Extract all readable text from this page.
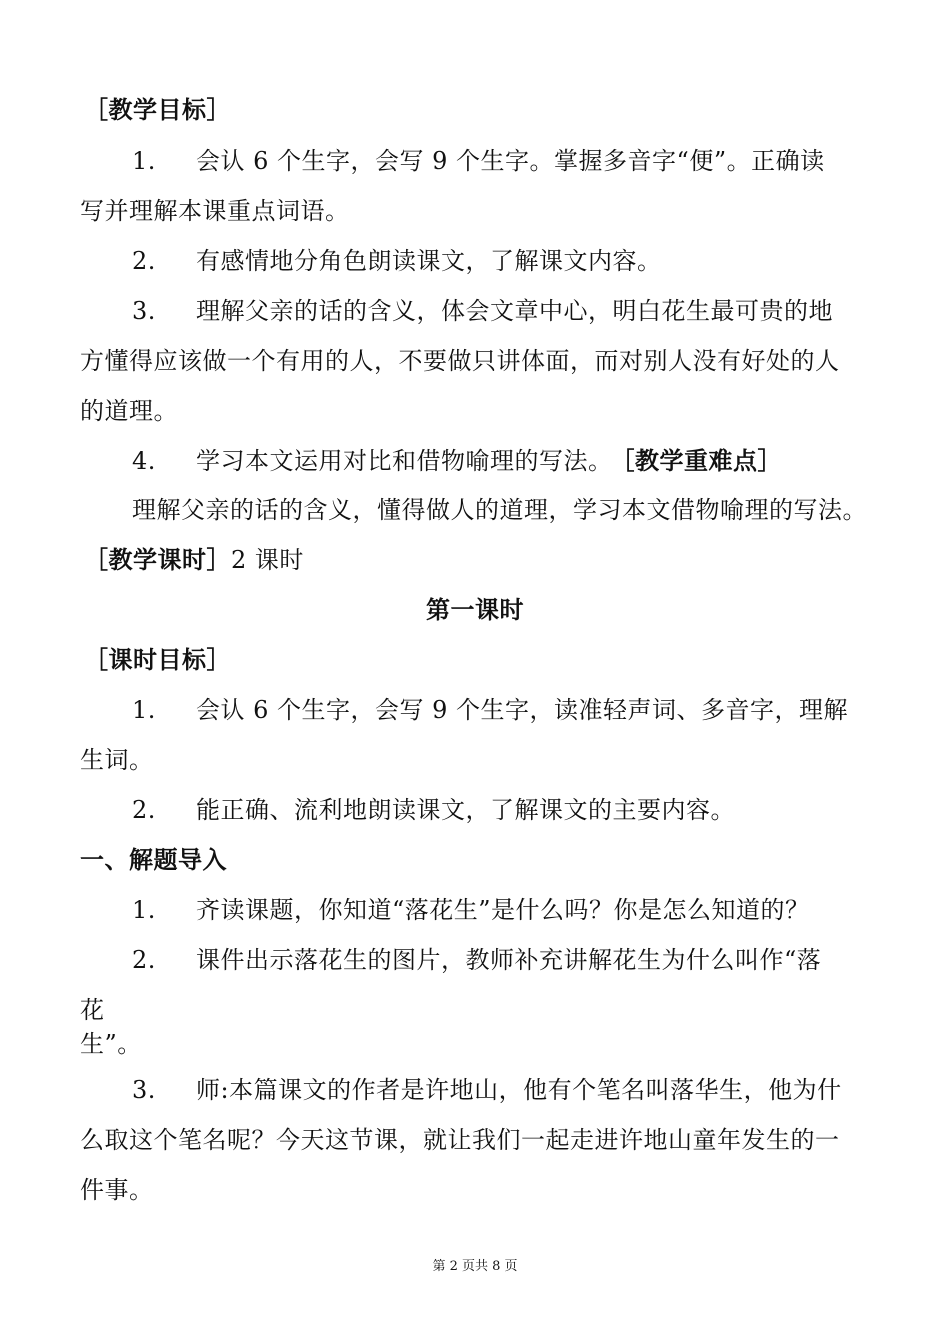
［教学目标］
1. 会认 6 个生字，会写 9 个生字。掌握多音字“便”。正确读
写并理解本课重点词语。
2. 有感情地分角色朗读课文，了解课文内容。
3. 理解父亲的话的含义，体会文章中心，明白花生最可贵的地
方懂得应该做一个有用的人，不要做只讲体面，而对别人没有好处的人
的道理。
4. 学习本文运用对比和借物喻理的写法。 ［教学重难点］
理解父亲的话的含义，懂得做人的道理，学习本文借物喻理的写法。
［教学课时］2 课时
第一课时
［课时目标］
1. 会认 6 个生字，会写 9 个生字，读准轻声词、多音字，理解
生词。
2. 能正确、流利地朗读课文，了解课文的主要内容。
一、解题导入
1. 齐读课题，你知道“落花生”是什么吗？你是怎么知道的？
2. 课件出示落花生的图片，教师补充讲解花生为什么叫作“落
花
生”。
3. 师:本篇课文的作者是许地山，他有个笔名叫落华生，他为什
么取这个笔名呢？今天这节课，就让我们一起走进许地山童年发生的一
件事。
第 2 页共 8 页
